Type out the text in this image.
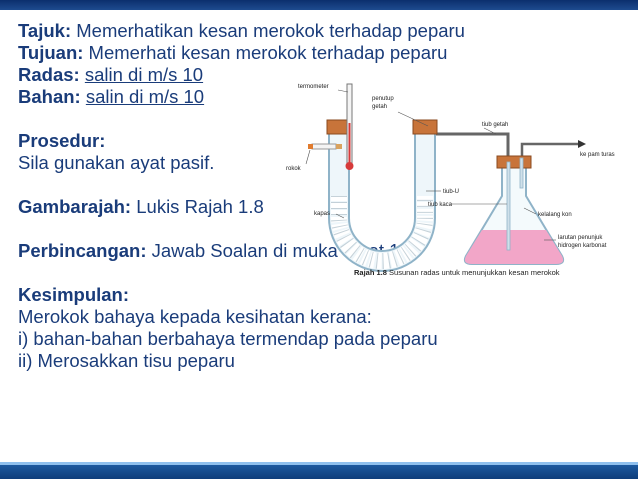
Tajuk: Memerhatikan kesan merokok terhadap peparu
Tujuan: Memerhati kesan merokok terhadap peparu
Radas: salin di m/s 10
Bahan: salin di m/s 10
Prosedur:
Sila gunakan ayat pasif.
Gambarajah: Lukis Rajah 1.8
Perbincangan: Jawab Soalan di muka surat 10.
Kesimpulan:
Merokok bahaya kepada kesihatan kerana:
i) bahan-bahan berbahaya termendap pada peparu
ii) Merosakkan tisu peparu
termometer
penutup
getah
tiub getah
ke pam turas
rokok
tiub-U
kapas
tiub kaca
kelalang kon
larutan penunjuk
hidrogen karbonat
Rajah 1.8 Susunan radas untuk menunjukkan kesan merokok
